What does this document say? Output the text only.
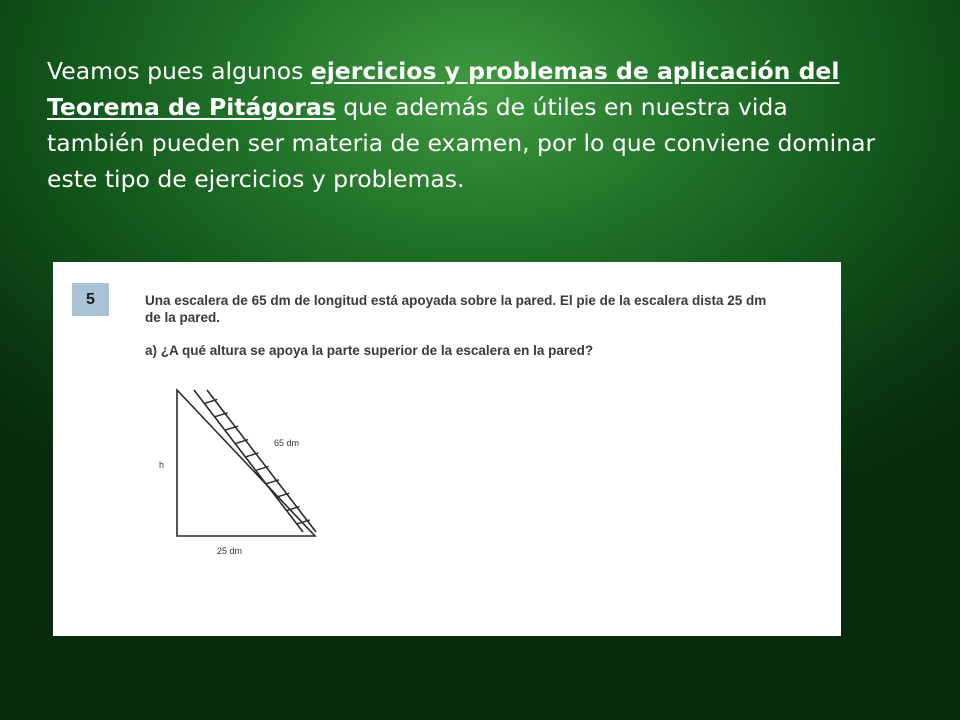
Veamos pues algunos ejercicios y problemas de aplicación del Teorema de Pitágoras que además de útiles en nuestra vida también pueden ser materia de examen, por lo que conviene dominar este tipo de ejercicios y problemas.

5	Una escalera de 65 dm de longitud está apoyada sobre la pared. El pie de la escalera dista 25 dm de la pared.

a) ¿A qué altura se apoya la parte superior de la escalera en la pared?

h
65 dm
25 dm
